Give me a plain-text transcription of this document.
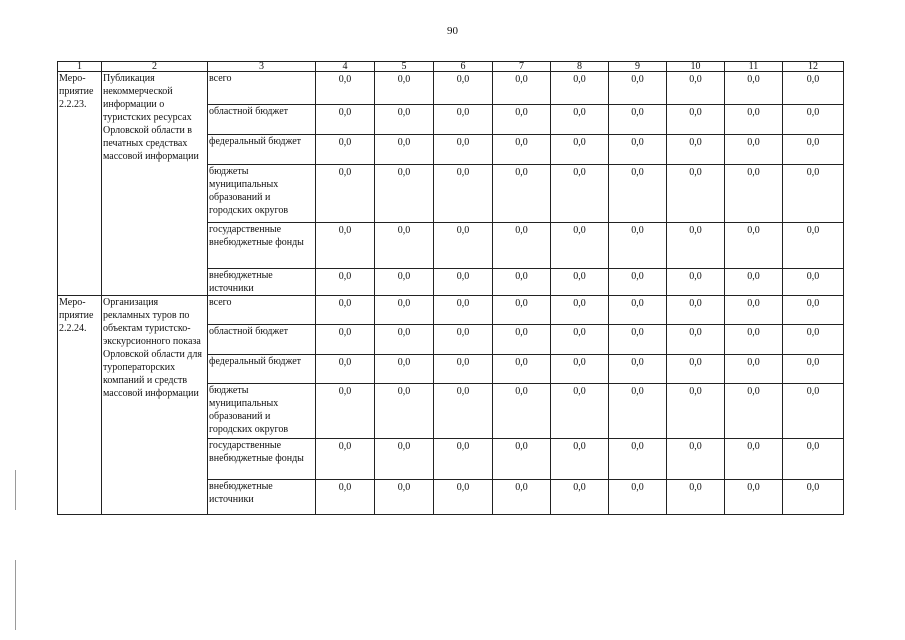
90
1	2	3	4	5	6	7	8	9	10	11	12

Меро-
приятие
2.2.23.	Публикация некоммерческой информации о туристских ресурсах Орловской области в печатных средствах массовой информации	всего	0,0	0,0	0,0	0,0	0,0	0,0	0,0	0,0	0,0
		областной бюджет	0,0	0,0	0,0	0,0	0,0	0,0	0,0	0,0	0,0
		федеральный бюджет	0,0	0,0	0,0	0,0	0,0	0,0	0,0	0,0	0,0
		бюджеты муниципальных образований и городских округов	0,0	0,0	0,0	0,0	0,0	0,0	0,0	0,0	0,0
		государственные внебюджетные фонды	0,0	0,0	0,0	0,0	0,0	0,0	0,0	0,0	0,0
		внебюджетные источники	0,0	0,0	0,0	0,0	0,0	0,0	0,0	0,0	0,0

Меро-
приятие
2.2.24.	Организация рекламных туров по объектам туристско-экскурсионного показа Орловской области для туроператорских компаний и средств массовой информации	всего	0,0	0,0	0,0	0,0	0,0	0,0	0,0	0,0	0,0
		областной бюджет	0,0	0,0	0,0	0,0	0,0	0,0	0,0	0,0	0,0
		федеральный бюджет	0,0	0,0	0,0	0,0	0,0	0,0	0,0	0,0	0,0
		бюджеты муниципальных образований и городских округов	0,0	0,0	0,0	0,0	0,0	0,0	0,0	0,0	0,0
		государственные внебюджетные фонды	0,0	0,0	0,0	0,0	0,0	0,0	0,0	0,0	0,0
		внебюджетные источники	0,0	0,0	0,0	0,0	0,0	0,0	0,0	0,0	0,0
